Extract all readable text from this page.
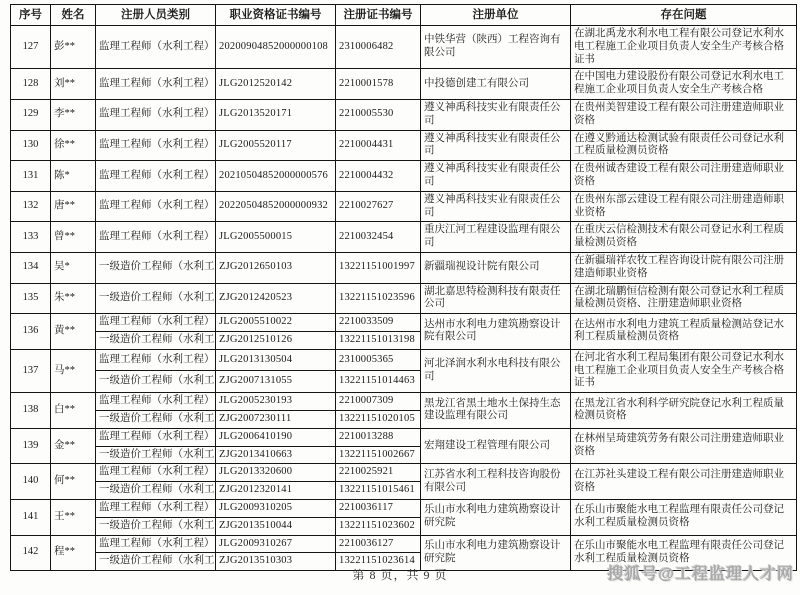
序号	姓名	注册人员类别	职业资格证书编号	注册证书编号	注册单位	存在问题
127	彭**	监理工程师（水利工程）	20200904852000000108	2310006482	中铁华营（陕西）工程咨询有限公司	在湖北禹龙水利水电工程有限公司登记水利水电工程施工企业项目负责人安全生产考核合格证书
128	刘**	监理工程师（水利工程）	JLG2012520142	2210001578	中投德创建工有限公司	在中国电力建设股份有限公司登记水利水电工程施工企业项目负责人安全生产考核合格
129	李**	监理工程师（水利工程）	JLG2013520171	2210005530	遵义神禹科技实业有限责任公司	在贵州美智建设工程有限公司注册建造师职业资格
130	徐**	监理工程师（水利工程）	JLG2005520117	2210004431	遵义神禹科技实业有限责任公司	在遵义黔通达检测试验有限责任公司登记水利工程质量检测员资格
131	陈*	监理工程师（水利工程）	20210504852000000576	2210004432	遵义神禹科技实业有限责任公司	在贵州诚杏建设工程有限公司注册建造师职业资格
132	唐**	监理工程师（水利工程）	20220504852000000932	2210027627	遵义神禹科技实业有限责任公司	在贵州东部云建设工程有限公司注册建造师职业资格
133	曾**	监理工程师（水利工程）	JLG2005500015	2210032454	重庆江河工程建设监理有限公司	在重庆云信检测技术有限公司登记水利工程质量检测员资格
134	吴*	一级造价工程师（水利工	ZJG2012650103	13221151001997	新疆瑞视设计院有限公司	在新疆瑞祥农牧工程咨询设计院有限公司注册建造师职业资格
135	朱**	一级造价工程师（水利工	ZJG2012420523	13221151023596	湖北嘉思特检测科技有限责任公司	在湖北瑞鹏恒信检测有限公司登记水利工程质量检测员资格、注册建造师职业资格
136	黄**	监理工程师（水利工程）	JLG2005510022	2210033509	达州市水利电力建筑勘察设计院有限公司	在达州市水利电力建筑工程质量检测站登记水利工程质量检测员资格
		一级造价工程师（水利工	ZJG2012510126	13221151013198		
137	马**	监理工程师（水利工程）	JLG2013130504	2310005365	河北泽润水利水电科技有限公司	在河北省水利工程局集团有限公司登记水利水电工程施工企业项目负责人安全生产考核合格证书
		一级造价工程师（水利工	ZJG2007131055	13221151014463		
138	白**	监理工程师（水利工程）	JLG2005230193	2210007309	黑龙江省黑土地水土保持生态建设监理有限公司	在黑龙江省水利科学研究院登记水利工程质量检测员资格
		一级造价工程师（水利工	ZJG2007230111	13221151020105		
139	金**	监理工程师（水利工程）	JLG2006410190	2210013288	宏翔建设工程管理有限公司	在林州呈琦建筑劳务有限公司注册建造师职业资格
		一级造价工程师（水利工	ZJG2013410663	13221151002667		
140	何**	监理工程师（水利工程）	JLG2013320600	2210025921	江苏省水利工程科技咨询股份有限公司	在江苏社头建设工程有限公司注册建造师职业资格
		一级造价工程师（水利工	ZJG2012320141	13221151015461		
141	王**	监理工程师（水利工程）	JLG2009310205	2210036117	乐山市水利电力建筑勘察设计研究院	在乐山市聚能水电工程监理有限责任公司登记水利工程质量检测员资格
		一级造价工程师（水利工	ZJG2013510044	13221151023602		
142	程**	监理工程师（水利工程）	JLG2009310267	2210036127	乐山市水利电力建筑勘察设计研究院	在乐山市聚能水电工程监理有限责任公司登记水利工程质量检测员资格
		一级造价工程师（水利工	ZJG2013510303	13221151023614		
第 8 页，共 9 页	搜狐号@工程监理人才网
